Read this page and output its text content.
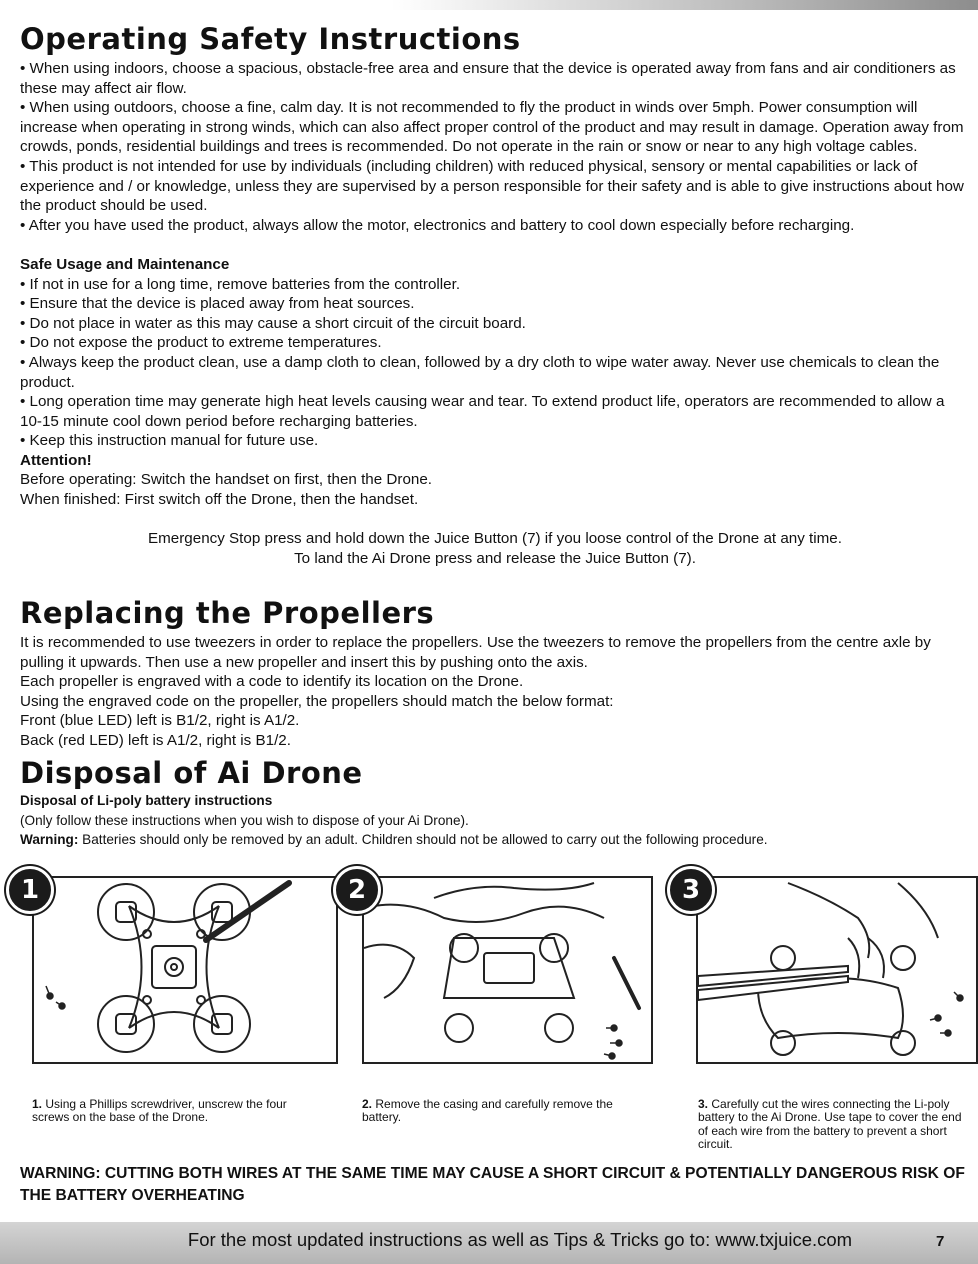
Operating Safety Instructions

• When using indoors, choose a spacious, obstacle-free area and ensure that the device is operated away from fans and air conditioners as these may affect air flow.

• When using outdoors, choose a fine, calm day. It is not recommended to fly the product in winds over 5mph. Power consumption will increase when operating in strong winds, which can also affect proper control of the product and may result in damage. Operation away from crowds, ponds, residential buildings and trees is recommended. Do not operate in the rain or snow or near to any high voltage cables.

• This product is not intended for use by individuals (including children) with reduced physical, sensory or mental capabilities or lack of experience and / or knowledge, unless they are supervised by a person responsible for their safety and is able to give instructions about how the product should be used.

• After you have used the product, always allow the motor, electronics and battery to cool down especially before recharging.

Safe Usage and Maintenance

• If not in use for a long time, remove batteries from the controller.

• Ensure that the device is placed away from heat sources.

• Do not place in water as this may cause a short circuit of the circuit board.

• Do not expose the product to extreme temperatures.

• Always keep the product clean, use a damp cloth to clean, followed by a dry cloth to wipe water away. Never use chemicals to clean the product.

• Long operation time may generate high heat levels causing wear and tear. To extend product life, operators are recommended to allow a 10-15 minute cool down period before recharging batteries.

• Keep this instruction manual for future use.

Attention!

Before operating: Switch the handset on first, then the Drone.

When finished: First switch off the Drone, then the handset.

Emergency Stop press and hold down the Juice Button (7) if you loose control of the Drone at any time.

To land the Ai Drone press and release the Juice Button (7).

Replacing the Propellers

It is recommended to use tweezers in order to replace the propellers. Use the tweezers to remove the propellers from the centre axle by pulling it upwards. Then use a new propeller and insert this by pushing onto the axis.

Each propeller is engraved with a code to identify its location on the Drone.

Using the engraved code on the propeller, the propellers should match the below format:

Front (blue LED) left is B1/2, right is A1/2.

Back (red LED) left is A1/2, right is B1/2.

Disposal of Ai Drone

Disposal of Li-poly battery instructions

(Only follow these instructions when you wish to dispose of your Ai Drone).

Warning: Batteries should only be removed by an adult. Children should not be allowed to carry out the following procedure.

1	2	3
1. Using a Phillips screwdriver, unscrew the four screws on the base of the Drone.
2. Remove the casing and carefully remove the battery.
3. Carefully cut the wires connecting the Li-poly battery to the Ai Drone. Use tape to cover the end of each wire from the battery to prevent a short circuit.
WARNING: CUTTING BOTH WIRES AT THE SAME TIME MAY CAUSE A SHORT CIRCUIT & POTENTIALLY DANGEROUS RISK OF THE BATTERY OVERHEATING
For the most updated instructions as well as Tips & Tricks go to: www.txjuice.com	7
